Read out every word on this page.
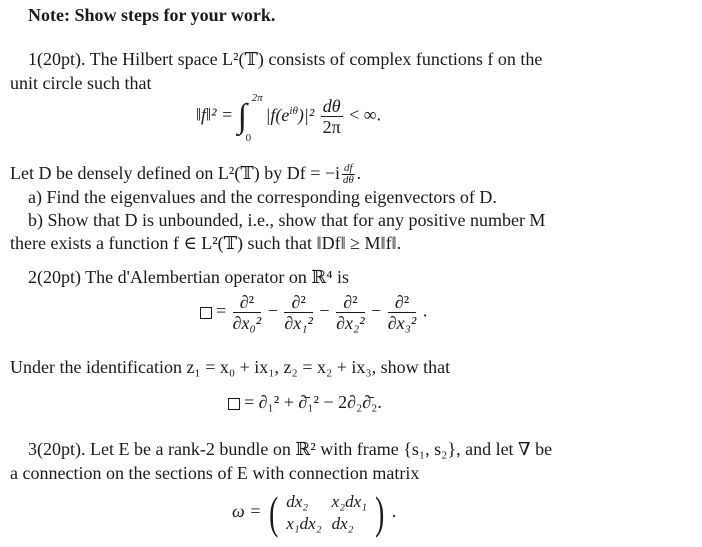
Note: Show steps for your work.
1(20pt). The Hilbert space L²(𝕋) consists of complex functions f on the
unit circle such that
‖f‖² = ∫ 2π
0
$|f(e^{i\theta})|^2 \frac{d\theta}{2\pi}$ < ∞.
Let D be densely defined on L²(𝕋) by $Df = -i \frac{df}{d\theta}$ .
a) Find the eigenvalues and the corresponding eigenvectors of D.
b) Show that D is unbounded, i.e., show that for any positive number M
there exists a function f ∈ L²(𝕋) such that ‖Df‖ ≥ M‖f‖.
2(20pt) The d'Alembertian operator on ℝ⁴ is
= $\frac{\text{∂²}}{\text{∂x₀²}} - \frac{\text{∂²}}{\text{∂x₁²}} - \frac{\text{∂²}}{\text{∂x₂²}} - \frac{\text{∂²}}{\text{∂x₃²}}$ .
Under the identification z₁ = x₀ + ix₁, z₂ = x₂ + ix₃, show that
= ∂₁² + ∂̄₁² − 2∂₂∂̄₂.
3(20pt). Let E be a rank-2 bundle on ℝ² with frame {s₁, s₂}, and let ∇ be
a connection on the sections of E with connection matrix
ω = ( dx₂	x₂dx₁
x₁dx₂	dx₂ ) .
